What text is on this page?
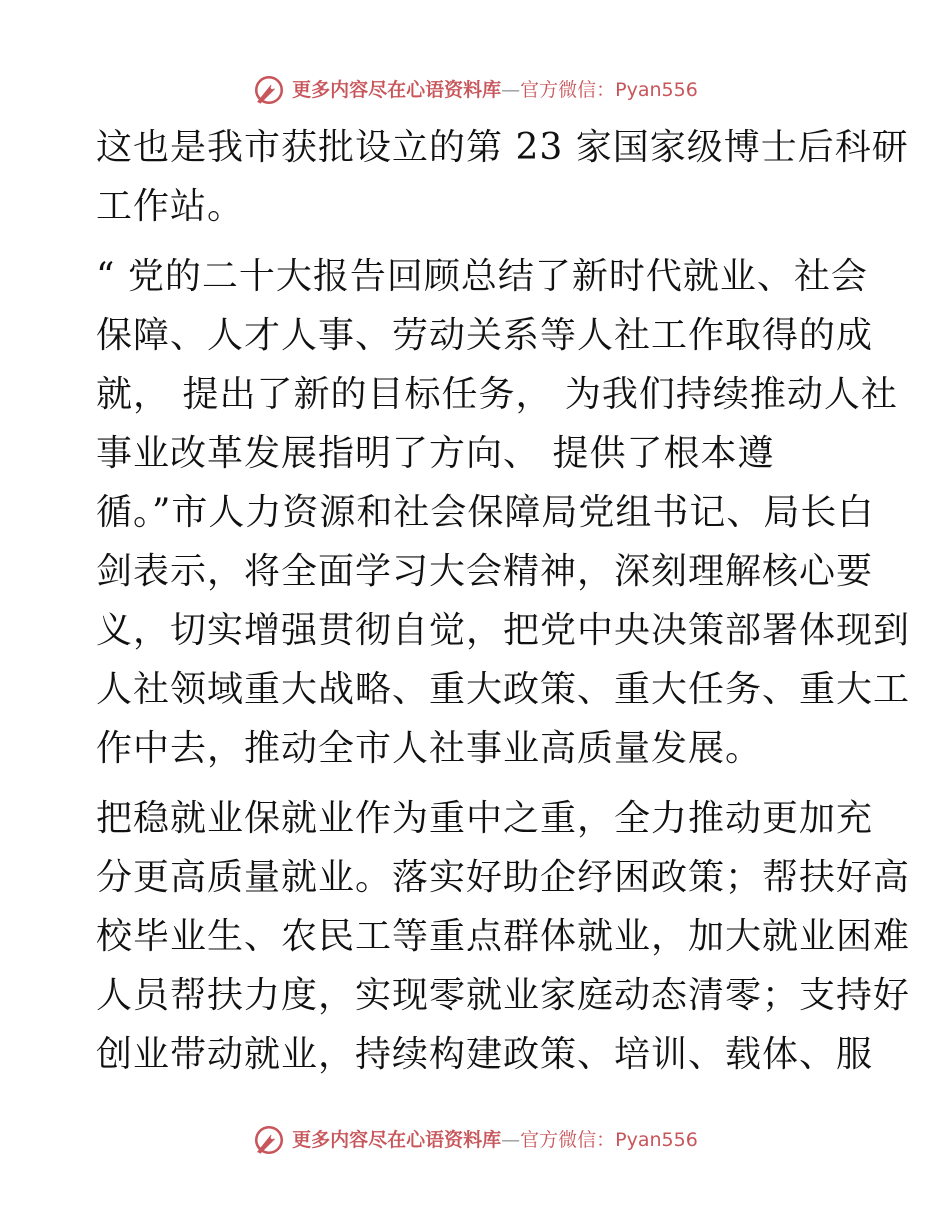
更多内容尽在心语资料库—官方微信：Pyan556
这也是我市获批设立的第 23 家国家级博士后科研
工作站。
“ 党的二十大报告回顾总结了新时代就业、社会
保障、人才人事、劳动关系等人社工作取得的成
就， 提出了新的目标任务， 为我们持续推动人社
事业改革发展指明了方向、 提供了根本遵
循。”市人力资源和社会保障局党组书记、局长白
剑表示，将全面学习大会精神，深刻理解核心要
义，切实增强贯彻自觉，把党中央决策部署体现到
人社领域重大战略、重大政策、重大任务、重大工
作中去，推动全市人社事业高质量发展。
把稳就业保就业作为重中之重，全力推动更加充
分更高质量就业。落实好助企纾困政策；帮扶好高
校毕业生、农民工等重点群体就业，加大就业困难
人员帮扶力度，实现零就业家庭动态清零；支持好
创业带动就业，持续构建政策、培训、载体、服
更多内容尽在心语资料库—官方微信：Pyan556
